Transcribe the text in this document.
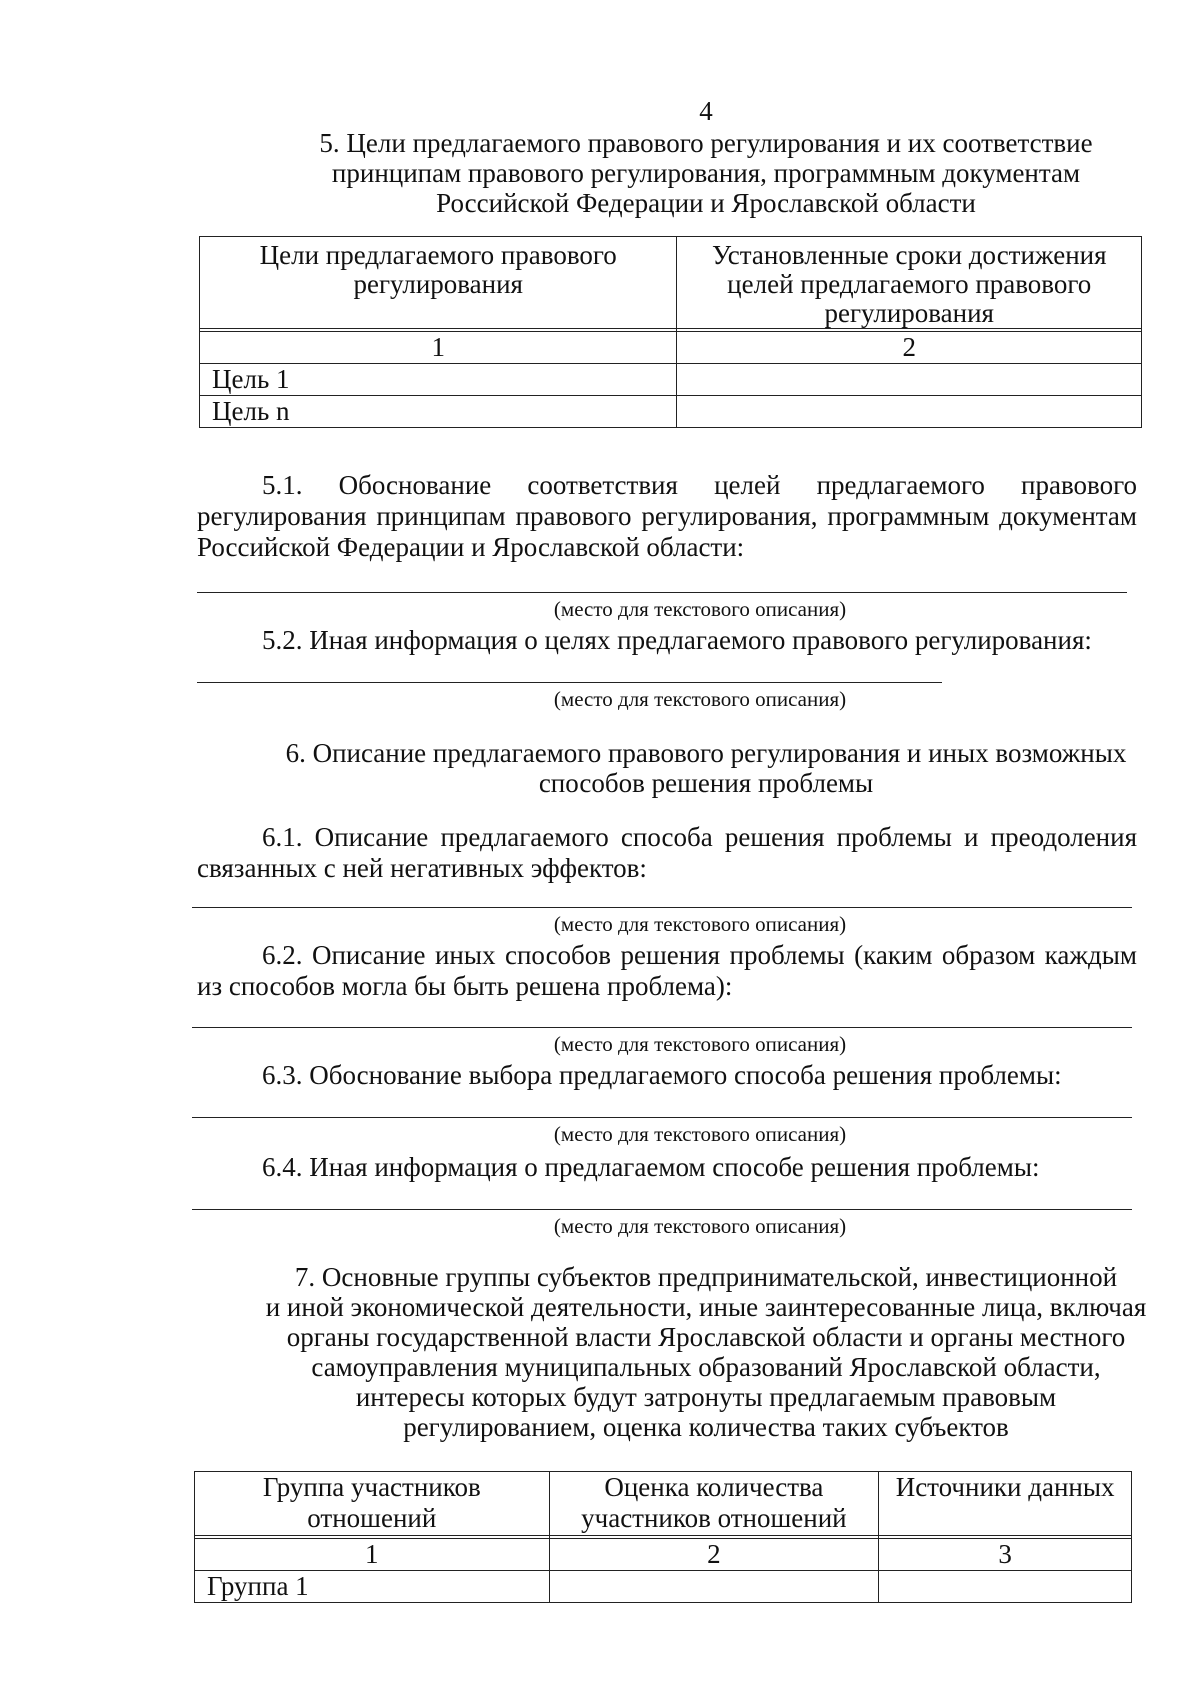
4
5. Цели предлагаемого правового регулирования и их соответствие
принципам правового регулирования, программным документам
Российской Федерации и Ярославской области
Цели предлагаемого правового регулирования	Установленные сроки достижения целей предлагаемого правового регулирования

1	2
Цель 1	
Цель n	
5.1. Обоснование соответствия целей предлагаемого правового регулирования принципам правового регулирования, программным документам Российской Федерации и Ярославской области:
(место для текстового описания)
5.2. Иная информация о целях предлагаемого правового регулирования:
(место для текстового описания)
6. Описание предлагаемого правового регулирования и иных возможных
способов решения проблемы
6.1. Описание предлагаемого способа решения проблемы и преодоления связанных с ней негативных эффектов:
(место для текстового описания)
6.2. Описание иных способов решения проблемы (каким образом каждым из способов могла бы быть решена проблема):
(место для текстового описания)
6.3. Обоснование выбора предлагаемого способа решения проблемы:
(место для текстового описания)
6.4. Иная информация о предлагаемом способе решения проблемы:
(место для текстового описания)
7. Основные группы субъектов предпринимательской, инвестиционной
и иной экономической деятельности, иные заинтересованные лица, включая
органы государственной власти Ярославской области и органы местного
самоуправления муниципальных образований Ярославской области,
интересы которых будут затронуты предлагаемым правовым
регулированием, оценка количества таких субъектов
Группа участников отношений	Оценка количества участников отношений	Источники данных

1	2	3
Группа 1		
